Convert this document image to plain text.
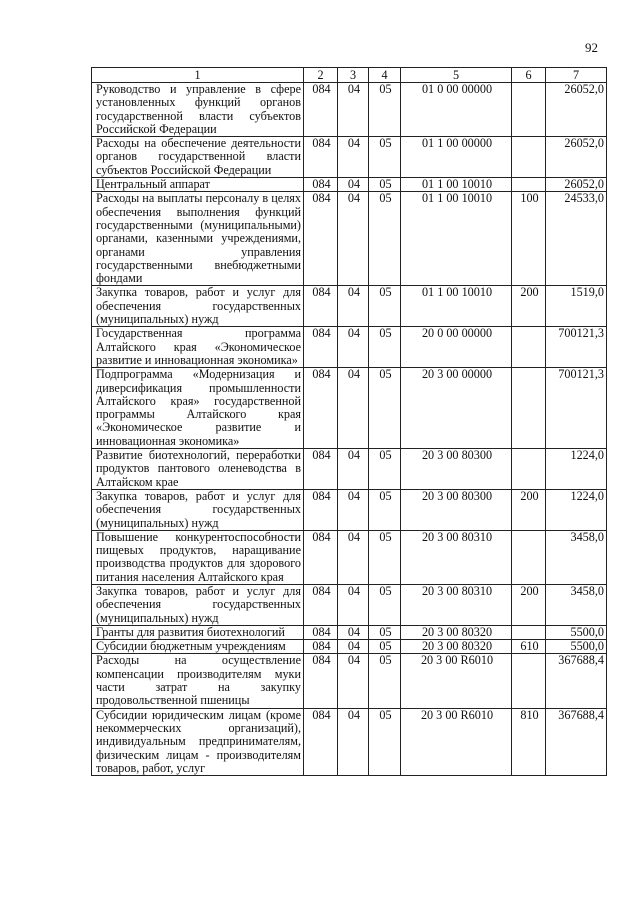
92
1	2	3	4	5	6	7
Руководство и управление в сфере установленных функций органов государственной власти субъектов Российской Федерации	084	04	05	01 0 00 00000		26052,0
Расходы на обеспечение деятельности органов государственной власти субъектов Российской Федерации	084	04	05	01 1 00 00000		26052,0
Центральный аппарат	084	04	05	01 1 00 10010		26052,0
Расходы на выплаты персоналу в целях обеспечения выполнения функций государственными (муниципальными) органами, казенными учреждениями, органами управления государственными внебюджетными фондами	084	04	05	01 1 00 10010	100	24533,0
Закупка товаров, работ и услуг для обеспечения государственных (муниципальных) нужд	084	04	05	01 1 00 10010	200	1519,0
Государственная программа Алтайского края «Экономическое развитие и инновационная экономика»	084	04	05	20 0 00 00000		700121,3
Подпрограмма «Модернизация и диверсификация промышленности Алтайского края» государственной программы Алтайского края «Экономическое развитие и инновационная экономика»	084	04	05	20 3 00 00000		700121,3
Развитие биотехнологий, переработки продуктов пантового оленеводства в Алтайском крае	084	04	05	20 3 00 80300		1224,0
Закупка товаров, работ и услуг для обеспечения государственных (муниципальных) нужд	084	04	05	20 3 00 80300	200	1224,0
Повышение конкурентоспособности пищевых продуктов, наращивание производства продуктов для здорового питания населения Алтайского края	084	04	05	20 3 00 80310		3458,0
Закупка товаров, работ и услуг для обеспечения государственных (муниципальных) нужд	084	04	05	20 3 00 80310	200	3458,0
Гранты для развития биотехнологий	084	04	05	20 3 00 80320		5500,0
Субсидии бюджетным учреждениям	084	04	05	20 3 00 80320	610	5500,0
Расходы на осуществление компенсации производителям муки части затрат на закупку продовольственной пшеницы	084	04	05	20 3 00 R6010		367688,4
Субсидии юридическим лицам (кроме некоммерческих организаций), индивидуальным предпринимателям, физическим лицам - производителям товаров, работ, услуг	084	04	05	20 3 00 R6010	810	367688,4
